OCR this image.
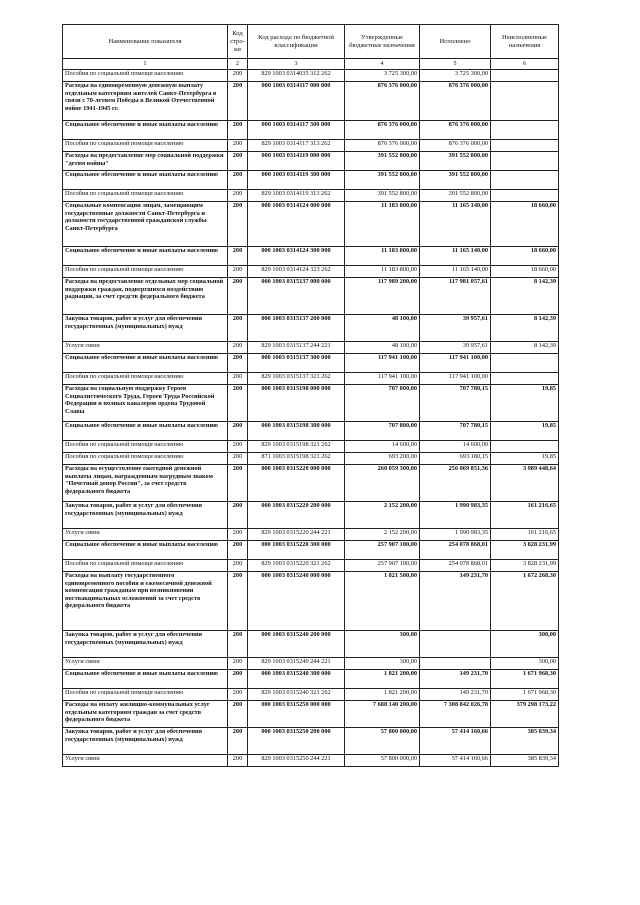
Наименование показателя	Код стро-ки	Код расхода по бюджетной классификации	Утвержденные бюджетные назначения	Исполнено	Неисполненные назначения
1	2	3	4	5	6
Пособия по социальной помощи населению	200	829 1003 0314035 312 262	3 725 300,00	3 725 300,00	
Расходы на единовременную денежную выплату отдельным категориям жителей Санкт-Петербурга в связи с 70-летием Победы в Великой Отечественной войне 1941-1945 гг.	200	000 1003 0314117 000 000	876 376 000,00	876 376 000,00	
Социальное обеспечение и иные выплаты населению	200	000 1003 0314117 300 000	876 376 000,00	876 376 000,00	
Пособия по социальной помощи населению	200	829 1003 0314117 313 262	876 376 000,00	876 376 000,00	
Расходы на предоставление мер социальной поддержки "детям войны"	200	000 1003 0314119 000 000	391 552 800,00	391 552 800,00	
Социальное обеспечение и иные выплаты населению	200	000 1003 0314119 300 000	391 552 800,00	391 552 800,00	
Пособия по социальной помощи населению	200	829 1003 0314119 313 262	391 552 800,00	391 552 800,00	
Социальные компенсации лицам, замещающим государственные должности Санкт-Петербурга и должности государственной гражданской службы Санкт-Петербурга	200	000 1003 0314124 000 000	11 183 800,00	11 165 140,00	18 660,00
Социальное обеспечение и иные выплаты населению	200	000 1003 0314124 300 000	11 183 800,00	11 165 140,00	18 660,00
Пособия по социальной помощи населению	200	829 1003 0314124 323 262	11 183 800,00	11 165 140,00	18 660,00
Расходы на предоставление отдельных мер социальной поддержки граждан, подвергшихся воздействию радиации, за счет средств федерального бюджета	200	000 1003 0315137 000 000	117 989 200,00	117 981 057,61	8 142,39
Закупка товаров, работ и услуг для обеспечения государственных (муниципальных) нужд	200	000 1003 0315137 200 000	48 100,00	39 957,61	8 142,39
Услуги связи	200	829 1003 0315137 244 221	48 100,00	39 957,61	8 142,39
Социальное обеспечение и иные выплаты населению	200	000 1003 0315137 300 000	117 941 100,00	117 941 100,00	
Пособия по социальной помощи населению	200	829 1003 0315137 321 262	117 941 100,00	117 941 100,00	
Расходы на социальную поддержку Героев Социалистического Труда, Героев Труда Российской Федерации и полных кавалеров ордена Трудовой Славы	200	000 1003 0315198 000 000	707 800,00	707 780,15	19,85
Социальное обеспечение и иные выплаты населению	200	000 1003 0315198 300 000	707 800,00	707 780,15	19,85
Пособия по социальной помощи населению	200	829 1003 0315198 321 262	14 600,00	14 600,00	
Пособия по социальной помощи населению	200	871 1003 0315198 321 262	693 200,00	693 180,15	19,85
Расходы на осуществление ежегодной денежной выплаты лицам, награжденным нагрудным знаком "Почетный донор России", за счет средств федерального бюджета	200	000 1003 0315220 000 000	260 059 300,00	256 069 851,36	3 989 448,64
Закупка товаров, работ и услуг для обеспечения государственных (муниципальных) нужд	200	000 1003 0315220 200 000	2 152 200,00	1 990 983,35	161 216,65
Услуги связи	200	829 1003 0315220 244 221	2 152 200,00	1 990 983,35	161 216,65
Социальное обеспечение и иные выплаты населению	200	000 1003 0315220 300 000	257 907 100,00	254 078 868,01	3 828 231,99
Пособия по социальной помощи населению	200	829 1003 0315220 321 262	257 907 100,00	254 078 868,01	3 828 231,99
Расходы на выплату государственного единовременного пособия и ежемесячной денежной компенсации гражданам при возникновении поствакцинальных осложнений за счет средств федерального бюджета	200	000 1003 0315240 000 000	1 821 500,00	149 231,70	1 672 268,30
Закупка товаров, работ и услуг для обеспечения государственных (муниципальных) нужд	200	000 1003 0315240 200 000	300,00		300,00
Услуги связи	200	829 1003 0315240 244 221	300,00		300,00
Социальное обеспечение и иные выплаты населению	200	000 1003 0315240 300 000	1 821 200,00	149 231,70	1 671 968,30
Пособия по социальной помощи населению	200	829 1003 0315240 321 262	1 821 200,00	149 231,70	1 671 968,30
Расходы на оплату жилищно-коммунальных услуг отдельным категориям граждан за счет средств федерального бюджета	200	000 1003 0315250 000 000	7 688 140 200,00	7 308 842 026,78	379 298 173,22
Закупка товаров, работ и услуг для обеспечения государственных (муниципальных) нужд	200	000 1003 0315250 200 000	57 800 000,00	57 414 160,66	385 839,34
Услуги связи	200	829 1003 0315250 244 221	57 800 000,00	57 414 160,66	385 839,34
